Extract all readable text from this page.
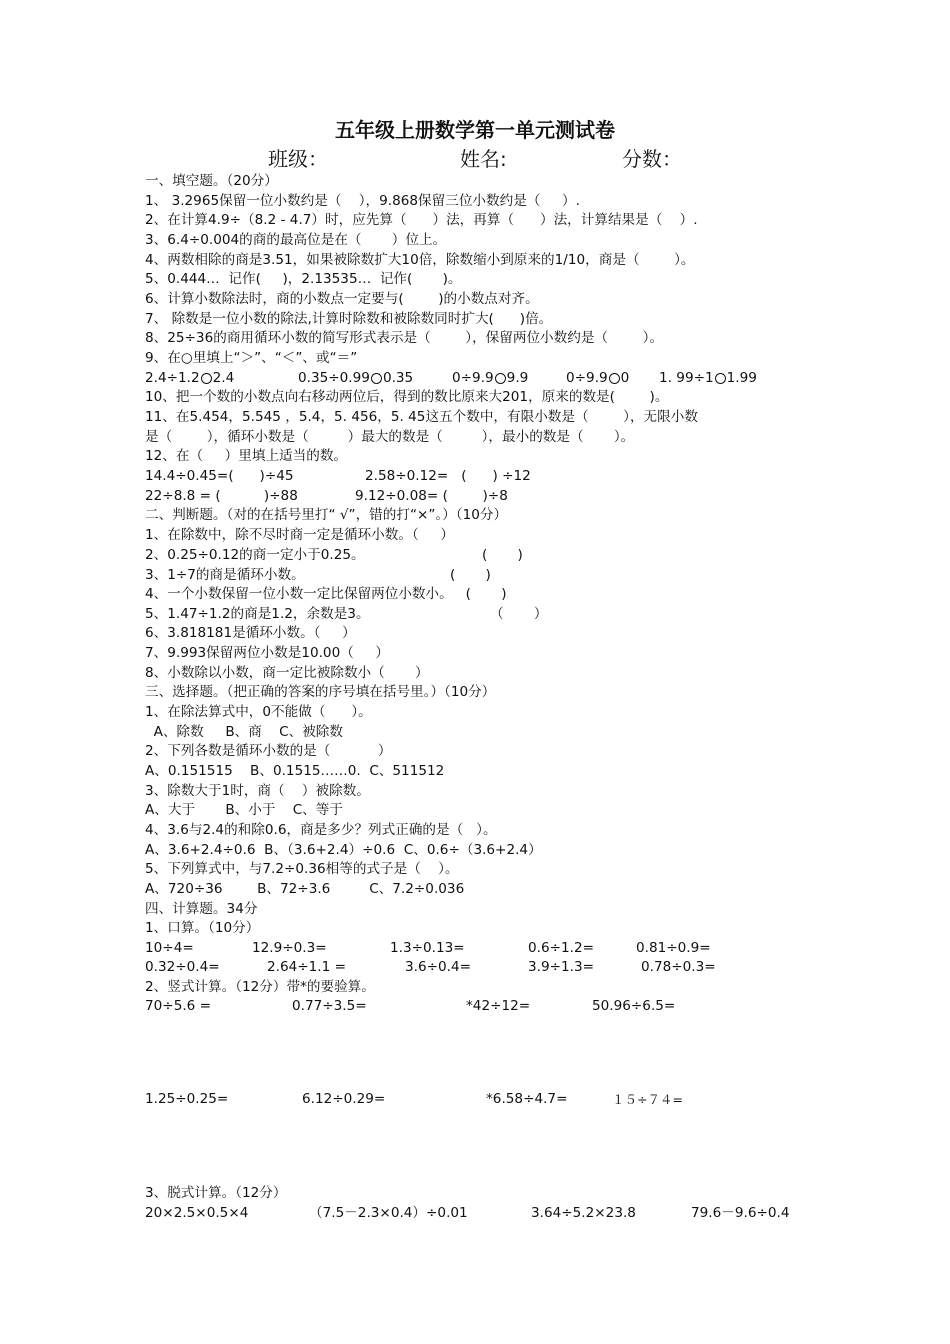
五年级上册数学第一单元测试卷
班级：	姓名:	分数：
一、填空题。（20分）
1、 3.2965保留一位小数约是（    ），9.868保留三位小数约是（     ）.
2、在计算4.9÷（8.2 - 4.7）时，应先算（      ）法，再算（      ）法，计算结果是（    ）.
3、6.4÷0.004的商的最高位是在（       ）位上。
4、两数相除的商是3.51，如果被除数扩大10倍，除数缩小到原来的1/10，商是（        ）。
5、0.444…  记作(     )，2.13535…  记作(       )。
6、计算小数除法时，商的小数点一定要与(        )的小数点对齐。
7、 除数是一位小数的除法,计算时除数和被除数同时扩大(      )倍。
8、25÷36的商用循环小数的简写形式表示是（        ），保留两位小数约是（        ）。
9、在○里填上“＞”、“＜”、或“＝”
2.4÷1.2 2.4	0.35÷0.99 0.35	0÷9.9 9.9	0÷9.9 0 1. 99÷1 1.99
10、把一个数的小数点向右移动两位后，得到的数比原来大201，原来的数是(        )。
11、在5.454，5.545 ，5.4，5. 456，5. 45这五个数中，有限小数是（        ），无限小数
是（        ），循环小数是（         ）最大的数是（         ），最小的数是（       ）。
12、在（     ）里填上适当的数。
14.4÷0.45=(      )÷45	2.58÷0.12=   (      ) ÷12
22÷8.8 = (          )÷88	9.12÷0.08= (        )÷8
二、判断题。（对的在括号里打“ √”，错的打“×”。）（10分）
1、在除数中，除不尽时商一定是循环小数。（     ）
2、0.25÷0.12的商一定小于0.25。	(       )
3、1÷7的商是循环小数。	(       )
4、一个小数保留一位小数一定比保留两位小数小。   (       )
5、1.47÷1.2的商是1.2，余数是3。	（       ）
6、3.818181是循环小数。（     ）
7、9.993保留两位小数是10.00（     ）
8、小数除以小数，商一定比被除数小（       ）
三、选择题。（把正确的答案的序号填在括号里。）（10分）
1、在除法算式中，0不能做（      ）。
A、除数     B、商    C、被除数
2、下列各数是循环小数的是（           ）
A、0.151515    B、0.1515……0.  C、511512
3、除数大于1时，商（    ）被除数。
A、大于       B、小于    C、等于
4、3.6与2.4的和除0.6，商是多少？列式正确的是（   ）。
A、3.6+2.4÷0.6  B、（3.6+2.4）÷0.6  C、0.6÷（3.6+2.4）
5、下列算式中，与7.2÷0.36相等的式子是（    ）。
A、720÷36        B、72÷3.6         C、7.2÷0.036
四、计算题。34分
1、口算。（10分）
10÷4=	12.9÷0.3=	1.3÷0.13=	0.6÷1.2=	0.81÷0.9=
0.32÷0.4=	2.64÷1.1 =	3.6÷0.4=	3.9÷1.3=	0.78÷0.3=
2、竖式计算。（12分）带*的要验算。
70÷5.6 =	0.77÷3.5=	*42÷12=	50.96÷6.5=
1.25÷0.25=	6.12÷0.29=	*6.58÷4.7=	１５÷７４=
3、脱式计算。（12分）
20×2.5×0.5×4	（7.5－2.3×0.4）÷0.01	3.64÷5.2×23.8	79.6－9.6÷0.4
